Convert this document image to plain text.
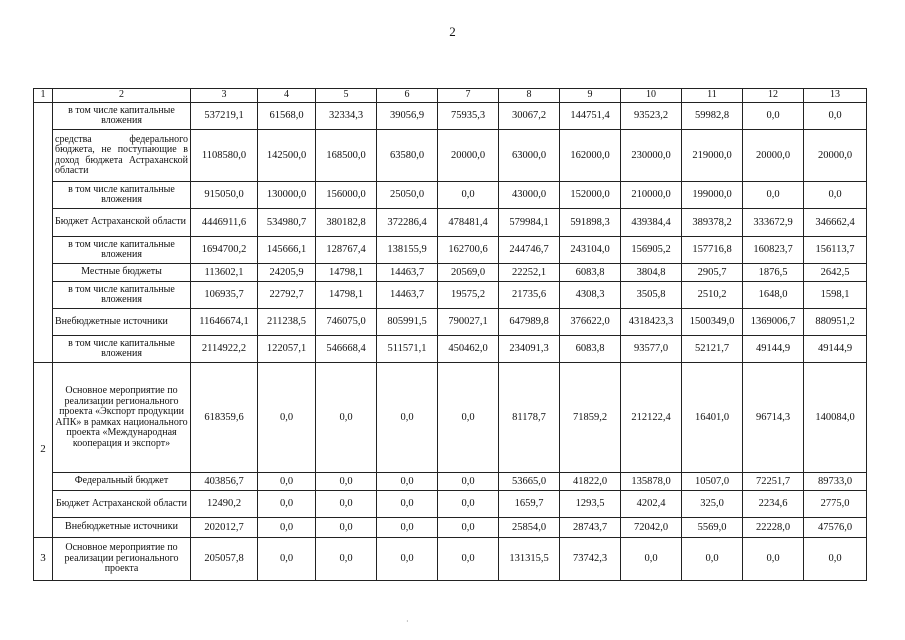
2
1	2	3	4	5	6	7	8	9	10	11	12	13
	в том числе капитальные вложения	537219,1	61568,0	32334,3	39056,9	75935,3	30067,2	144751,4	93523,2	59982,8	0,0	0,0
	средства федерального бюджета, не поступающие в доход бюджета Астраханской области	1108580,0	142500,0	168500,0	63580,0	20000,0	63000,0	162000,0	230000,0	219000,0	20000,0	20000,0
	в том числе капитальные вложения	915050,0	130000,0	156000,0	25050,0	0,0	43000,0	152000,0	210000,0	199000,0	0,0	0,0
	Бюджет Астраханской области	4446911,6	534980,7	380182,8	372286,4	478481,4	579984,1	591898,3	439384,4	389378,2	333672,9	346662,4
	в том числе капитальные вложения	1694700,2	145666,1	128767,4	138155,9	162700,6	244746,7	243104,0	156905,2	157716,8	160823,7	156113,7
	Местные бюджеты	113602,1	24205,9	14798,1	14463,7	20569,0	22252,1	6083,8	3804,8	2905,7	1876,5	2642,5
	в том числе капитальные вложения	106935,7	22792,7	14798,1	14463,7	19575,2	21735,6	4308,3	3505,8	2510,2	1648,0	1598,1
	Внебюджетные источники	11646674,1	211238,5	746075,0	805991,5	790027,1	647989,8	376622,0	4318423,3	1500349,0	1369006,7	880951,2
	в том числе капитальные вложения	2114922,2	122057,1	546668,4	511571,1	450462,0	234091,3	6083,8	93577,0	52121,7	49144,9	49144,9
2	Основное мероприятие по реализации регионального проекта «Экспорт продукции АПК» в рамках национального проекта «Международная кооперация и экспорт»	618359,6	0,0	0,0	0,0	0,0	81178,7	71859,2	212122,4	16401,0	96714,3	140084,0
	Федеральный бюджет	403856,7	0,0	0,0	0,0	0,0	53665,0	41822,0	135878,0	10507,0	72251,7	89733,0
	Бюджет Астраханской области	12490,2	0,0	0,0	0,0	0,0	1659,7	1293,5	4202,4	325,0	2234,6	2775,0
	Внебюджетные источники	202012,7	0,0	0,0	0,0	0,0	25854,0	28743,7	72042,0	5569,0	22228,0	47576,0
3	Основное мероприятие по реализации регионального проекта	205057,8	0,0	0,0	0,0	0,0	131315,5	73742,3	0,0	0,0	0,0	0,0
·
